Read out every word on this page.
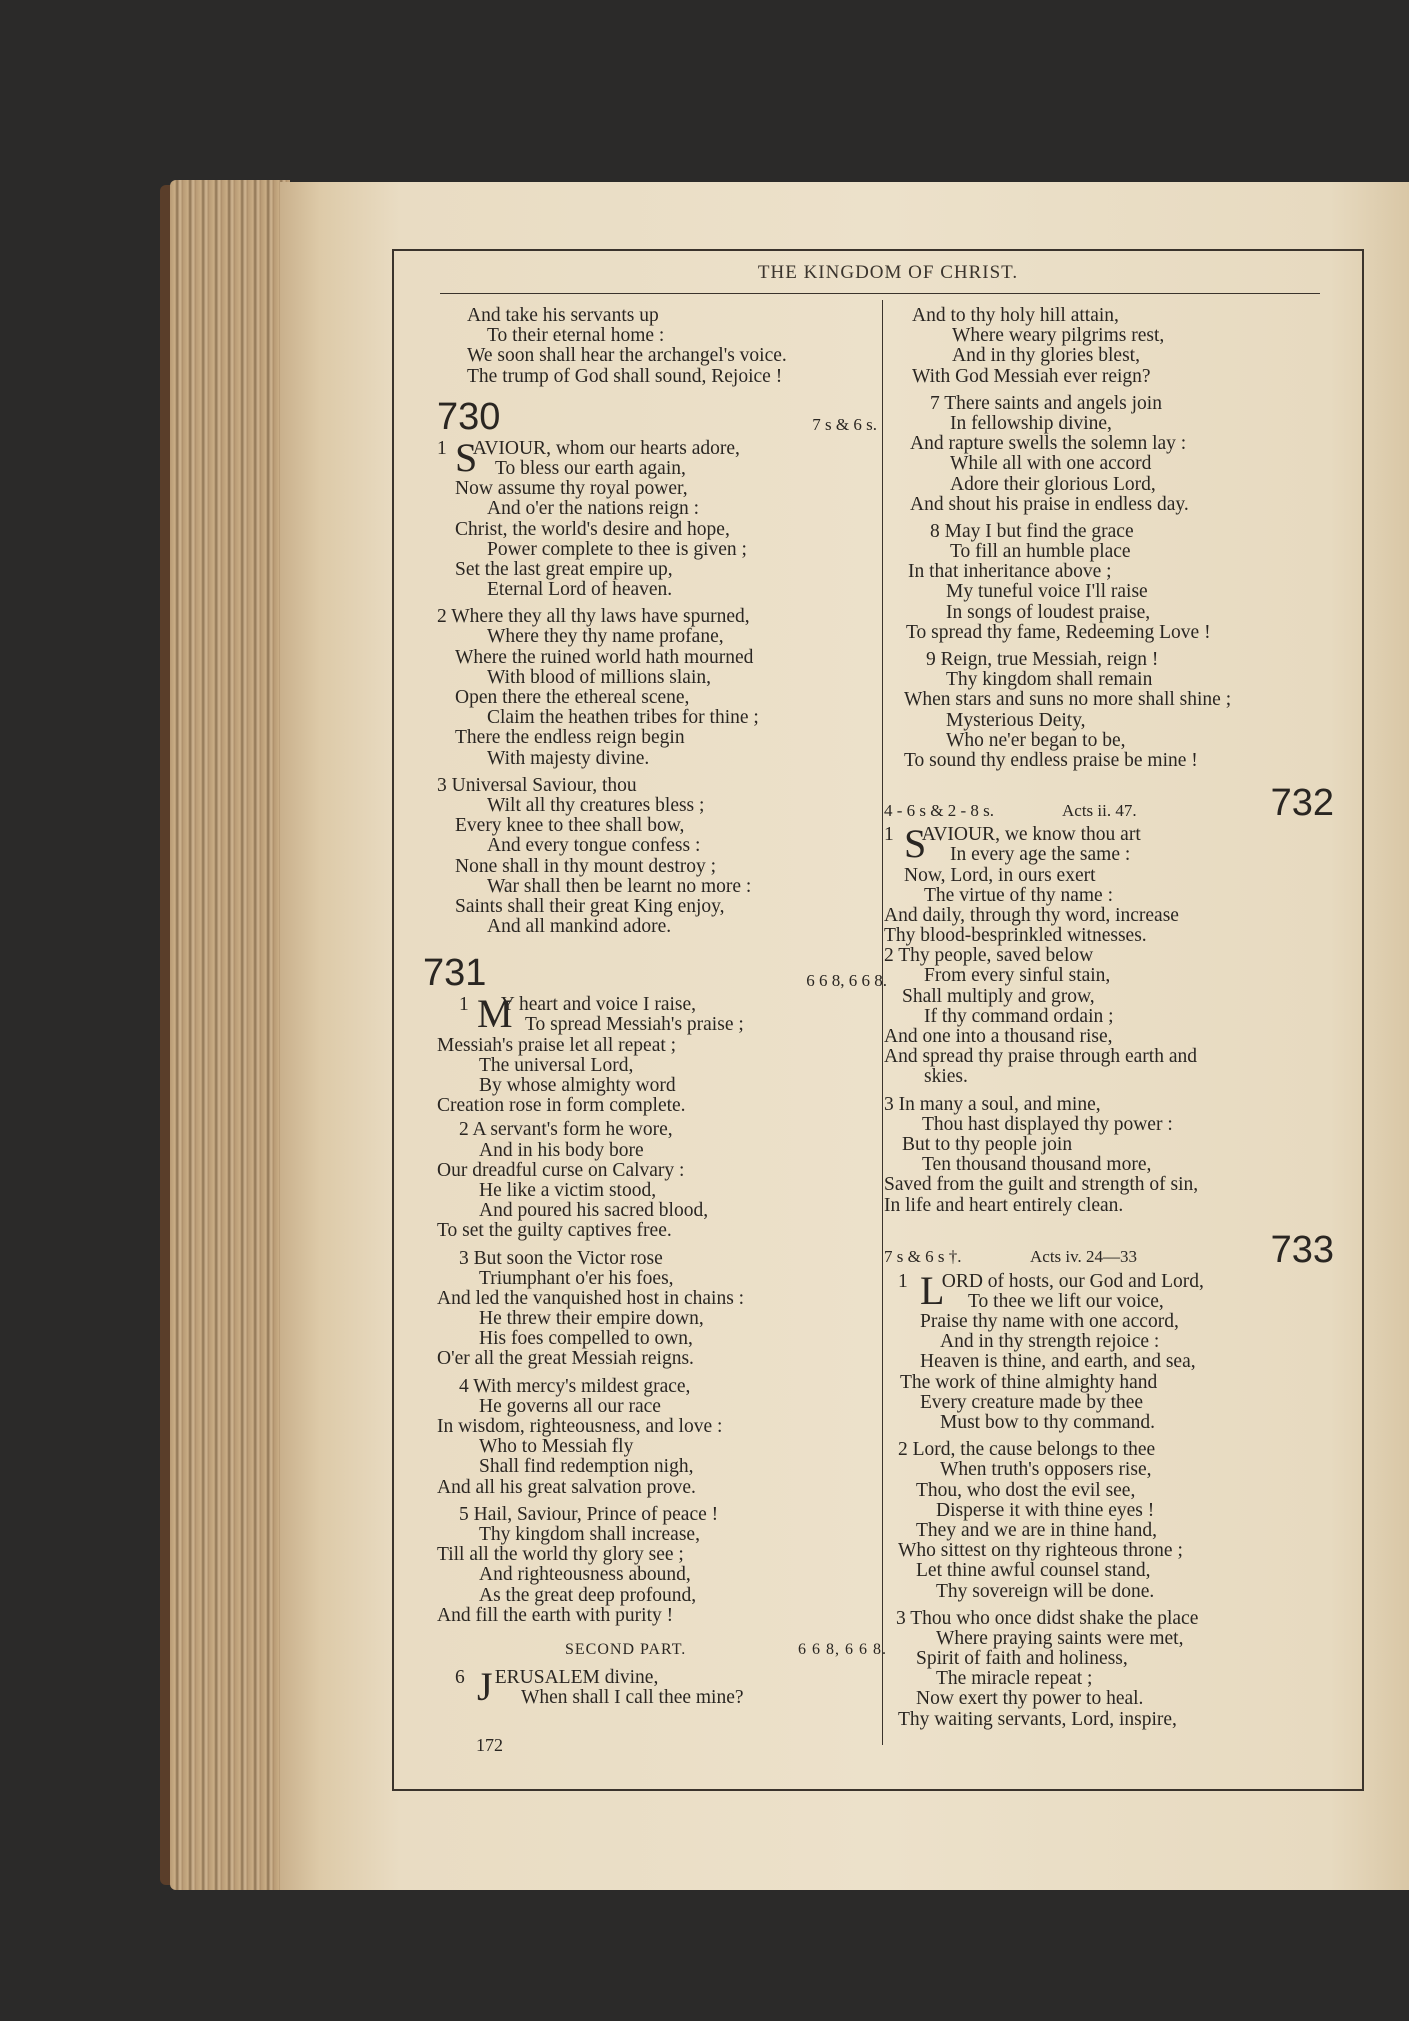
THE KINGDOM OF CHRIST.
And take his servants up
To their eternal home :
We soon shall hear the archangel's voice.
The trump of God shall sound, Rejoice !
730	7 s & 6 s.
1 S
AVIOUR, whom our hearts adore,
To bless our earth again,
Now assume thy royal power,
And o'er the nations reign :
Christ, the world's desire and hope,
Power complete to thee is given ;
Set the last great empire up,
Eternal Lord of heaven.
2 Where they all thy laws have spurned,
Where they thy name profane,
Where the ruined world hath mourned
With blood of millions slain,
Open there the ethereal scene,
Claim the heathen tribes for thine ;
There the endless reign begin
With majesty divine.
3 Universal Saviour, thou
Wilt all thy creatures bless ;
Every knee to thee shall bow,
And every tongue confess :
None shall in thy mount destroy ;
War shall then be learnt no more :
Saints shall their great King enjoy,
And all mankind adore.
731	6 6 8, 6 6 8.
1 M
Y heart and voice I raise,
To spread Messiah's praise ;
Messiah's praise let all repeat ;
The universal Lord,
By whose almighty word
Creation rose in form complete.
2 A servant's form he wore,
And in his body bore
Our dreadful curse on Calvary :
He like a victim stood,
And poured his sacred blood,
To set the guilty captives free.
3 But soon the Victor rose
Triumphant o'er his foes,
And led the vanquished host in chains :
He threw their empire down,
His foes compelled to own,
O'er all the great Messiah reigns.
4 With mercy's mildest grace,
He governs all our race
In wisdom, righteousness, and love :
Who to Messiah fly
Shall find redemption nigh,
And all his great salvation prove.
5 Hail, Saviour, Prince of peace !
Thy kingdom shall increase,
Till all the world thy glory see ;
And righteousness abound,
As the great deep profound,
And fill the earth with purity !
SECOND PART.	6 6 8, 6 6 8.
6 J ERUSALEM divine,
When shall I call thee mine?
172
And to thy holy hill attain,
Where weary pilgrims rest,
And in thy glories blest,
With God Messiah ever reign?
7 There saints and angels join
In fellowship divine,
And rapture swells the solemn lay :
While all with one accord
Adore their glorious Lord,
And shout his praise in endless day.
8 May I but find the grace
To fill an humble place
In that inheritance above ;
My tuneful voice I'll raise
In songs of loudest praise,
To spread thy fame, Redeeming Love !
9 Reign, true Messiah, reign !
Thy kingdom shall remain
When stars and suns no more shall shine ;
Mysterious Deity,
Who ne'er began to be,
To sound thy endless praise be mine !
4 - 6 s & 2 - 8 s.	Acts ii. 47.	732
1 S
AVIOUR, we know thou art
In every age the same :
Now, Lord, in ours exert
The virtue of thy name :
And daily, through thy word, increase
Thy blood-besprinkled witnesses.
2 Thy people, saved below
From every sinful stain,
Shall multiply and grow,
If thy command ordain ;
And one into a thousand rise,
And spread thy praise through earth and
skies.
3 In many a soul, and mine,
Thou hast displayed thy power :
But to thy people join
Ten thousand thousand more,
Saved from the guilt and strength of sin,
In life and heart entirely clean.
7 s & 6 s †.	Acts iv. 24—33	733
1 L
ORD of hosts, our God and Lord,
To thee we lift our voice,
Praise thy name with one accord,
And in thy strength rejoice :
Heaven is thine, and earth, and sea,
The work of thine almighty hand
Every creature made by thee
Must bow to thy command.
2 Lord, the cause belongs to thee
When truth's opposers rise,
Thou, who dost the evil see,
Disperse it with thine eyes !
They and we are in thine hand,
Who sittest on thy righteous throne ;
Let thine awful counsel stand,
Thy sovereign will be done.
3 Thou who once didst shake the place
Where praying saints were met,
Spirit of faith and holiness,
The miracle repeat ;
Now exert thy power to heal.
Thy waiting servants, Lord, inspire,
